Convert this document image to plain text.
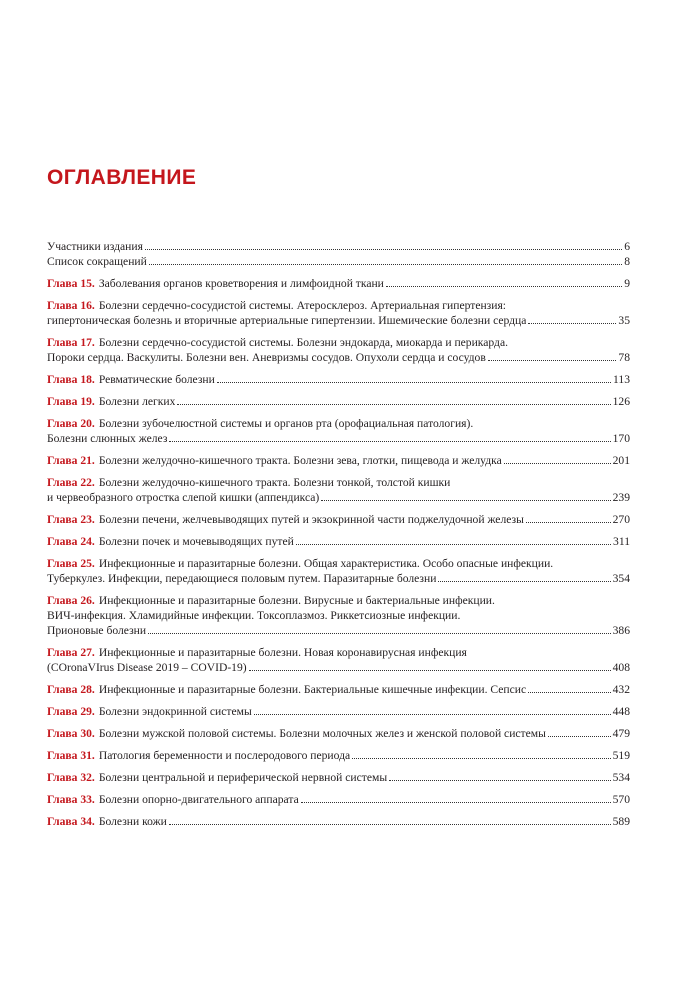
ОГЛАВЛЕНИЕ
Участники издания	6
Список сокращений	8
Глава 15. Заболевания органов кроветворения и лимфоидной ткани	9
Глава 16. Болезни сердечно-сосудистой системы. Атеросклероз. Артериальная гипертензия:
гипертоническая болезнь и вторичные артериальные гипертензии. Ишемические болезни сердца	35
Глава 17. Болезни сердечно-сосудистой системы. Болезни эндокарда, миокарда и перикарда.
Пороки сердца. Васкулиты. Болезни вен. Аневризмы сосудов. Опухоли сердца и сосудов	78
Глава 18. Ревматические болезни	113
Глава 19. Болезни легких	126
Глава 20. Болезни зубочелюстной системы и органов рта (орофациальная патология).
Болезни слюнных желез	170
Глава 21. Болезни желудочно-кишечного тракта. Болезни зева, глотки, пищевода и желудка	201
Глава 22. Болезни желудочно-кишечного тракта. Болезни тонкой, толстой кишки
и червеобразного отростка слепой кишки (аппендикса)	239
Глава 23. Болезни печени, желчевыводящих путей и экзокринной части поджелудочной железы	270
Глава 24. Болезни почек и мочевыводящих путей	311
Глава 25. Инфекционные и паразитарные болезни. Общая характеристика. Особо опасные инфекции.
Туберкулез. Инфекции, передающиеся половым путем. Паразитарные болезни	354
Глава 26. Инфекционные и паразитарные болезни. Вирусные и бактериальные инфекции.
ВИЧ-инфекция. Хламидийные инфекции. Токсоплазмоз. Риккетсиозные инфекции.
Прионовые болезни	386
Глава 27. Инфекционные и паразитарные болезни. Новая коронавирусная инфекция
(COronaVIrus Disease 2019 – COVID-19)	408
Глава 28. Инфекционные и паразитарные болезни. Бактериальные кишечные инфекции. Сепсис	432
Глава 29. Болезни эндокринной системы	448
Глава 30. Болезни мужской половой системы. Болезни молочных желез и женской половой системы	479
Глава 31. Патология беременности и послеродового периода	519
Глава 32. Болезни центральной и периферической нервной системы	534
Глава 33. Болезни опорно-двигательного аппарата	570
Глава 34. Болезни кожи	589
